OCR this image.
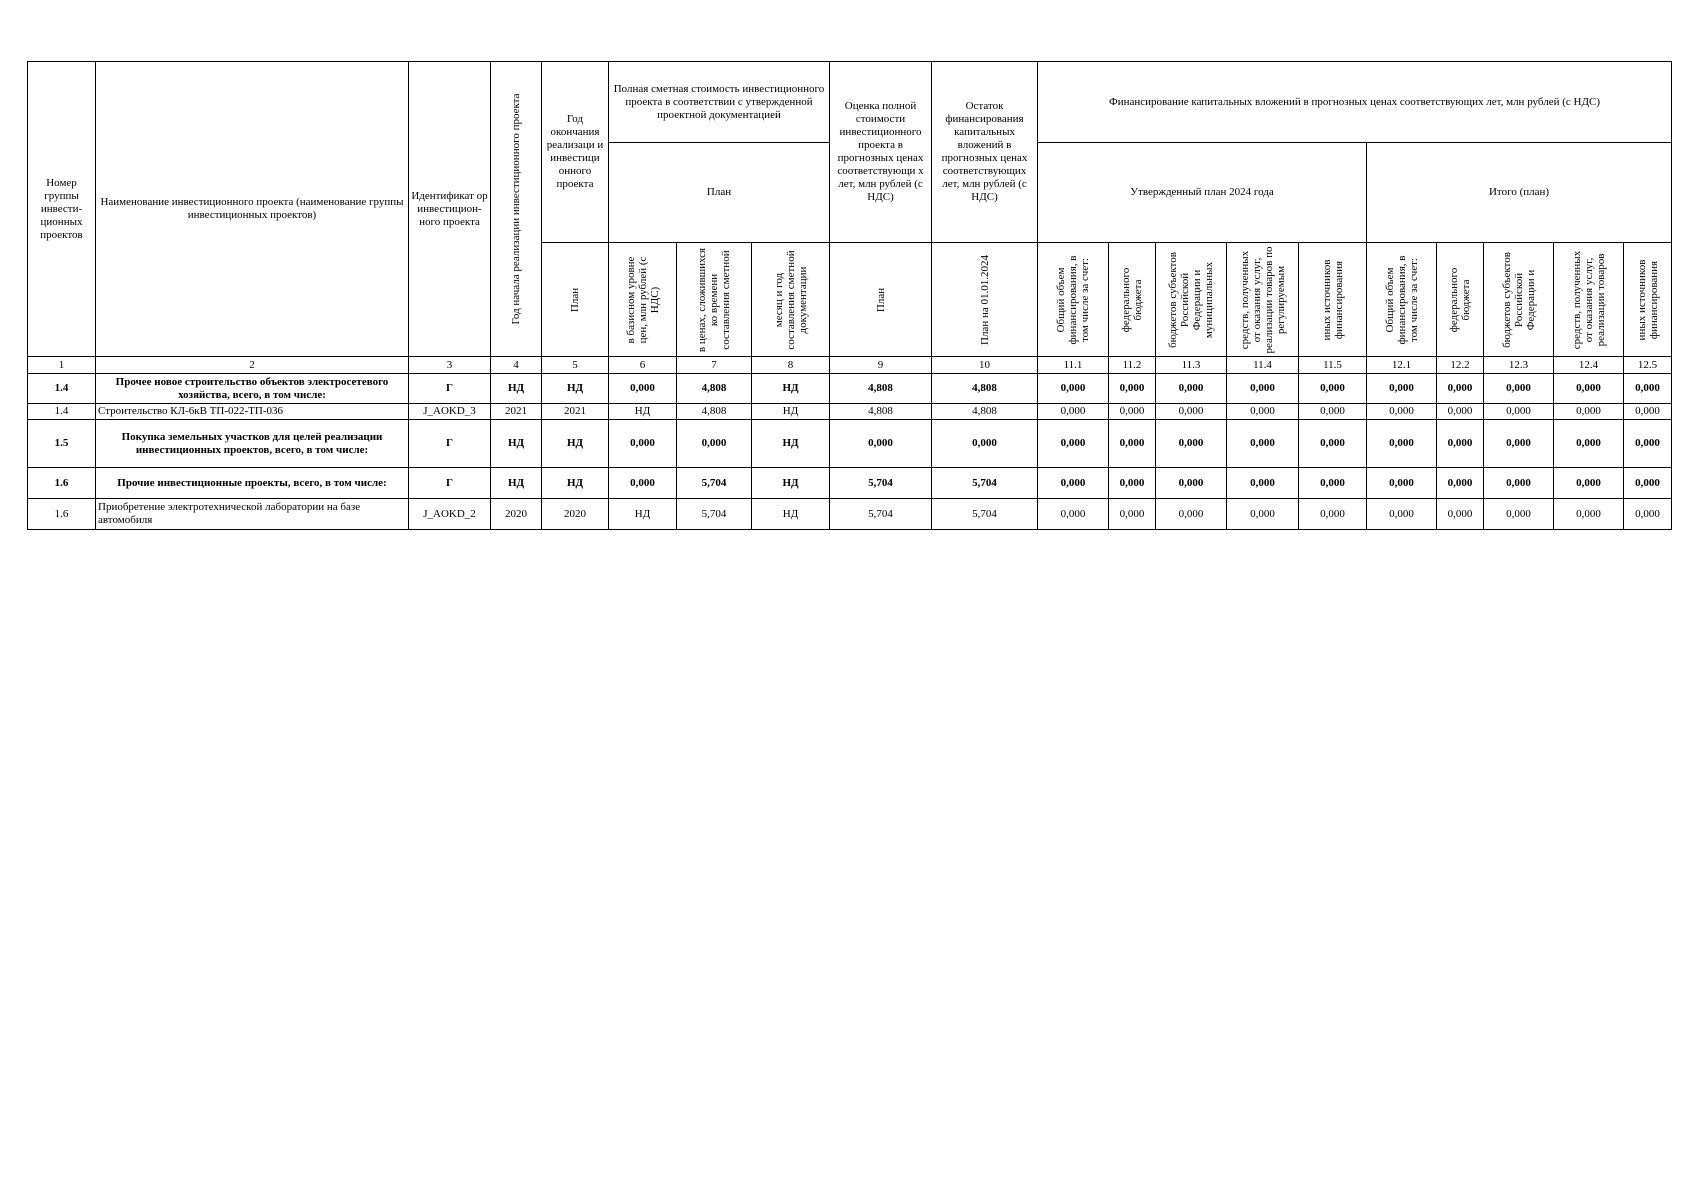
Номер группы инвести-ционных проектов	Наименование инвестиционного проекта (наименование группы инвестиционных проектов)	Идентификат ор инвестицион-ного проекта	Год начала реализации инвестиционного проекта	Год окончания реализаци и инвестици онного проекта	Полная сметная стоимость инвестиционного проекта в соответствии с утвержденной проектной документацией			Оценка полной стоимости инвестиционного проекта в прогнозных ценах соответствующи х лет, млн рублей (с НДС)	Остаток финансирования капитальных вложений в прогнозных ценах соответствующих лет, млн рублей (с НДС)	Финансирование капитальных вложений в прогнозных ценах соответствующих лет, млн рублей (с НДС)									
					План					Утвержденный план 2024 года					Итого (план)				

				План	в базисном уровне цен, млн рублей (с НДС)	в ценах, сложившихся ко времени составления сметной	месяц и год составления сметной документации	План	План на 01.01.2024	Общий объем финансирования, в том числе за счет:	федерального бюджета	бюджетов субъектов Российской Федерации и муниципальных	средств, полученных от оказания услуг, реализации товаров по регулируемым	иных источников финансирования	Общий объем финансирования, в том числе за счет:	федерального бюджета	бюджетов субъектов Российской Федерации и	средств, полученных от оказания услуг, реализации товаров	иных источников финансирования

1	2	3	4	5	6	7	8	9	10	11.1	11.2	11.3	11.4	11.5	12.1	12.2	12.3	12.4	12.5
1.4	Прочее новое строительство объектов электросетевого хозяйства, всего, в том числе:	Г	НД	НД	0,000	4,808	НД	4,808	4,808	0,000	0,000	0,000	0,000	0,000	0,000	0,000	0,000	0,000	0,000
1.4	Строительство КЛ-6кВ ТП-022-ТП-036	J_AOKD_3	2021	2021	НД	4,808	НД	4,808	4,808	0,000	0,000	0,000	0,000	0,000	0,000	0,000	0,000	0,000	0,000
1.5	Покупка земельных участков для целей реализации инвестиционных проектов, всего, в том числе:	Г	НД	НД	0,000	0,000	НД	0,000	0,000	0,000	0,000	0,000	0,000	0,000	0,000	0,000	0,000	0,000	0,000
1.6	Прочие инвестиционные проекты, всего, в том числе:	Г	НД	НД	0,000	5,704	НД	5,704	5,704	0,000	0,000	0,000	0,000	0,000	0,000	0,000	0,000	0,000	0,000
1.6	Приобретение электротехнической лаборатории на базе автомобиля	J_AOKD_2	2020	2020	НД	5,704	НД	5,704	5,704	0,000	0,000	0,000	0,000	0,000	0,000	0,000	0,000	0,000	0,000
